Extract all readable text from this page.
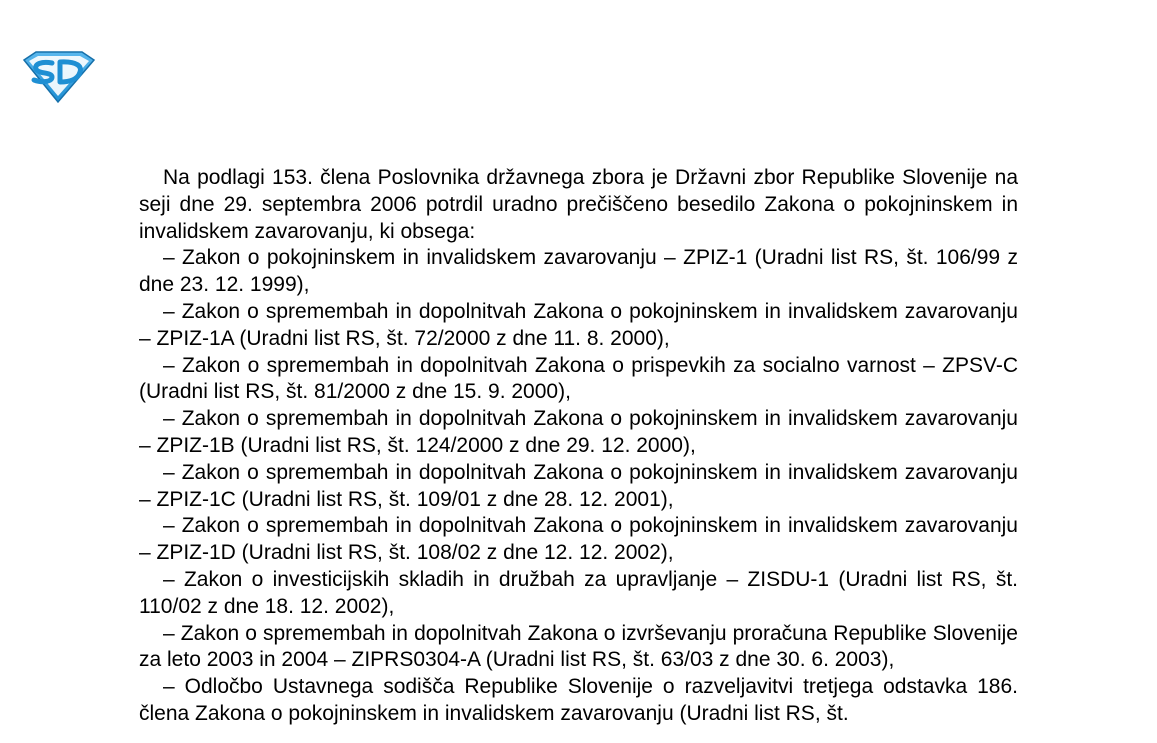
Na podlagi 153. člena Poslovnika državnega zbora je Državni zbor Republike Slovenije na seji dne 29. septembra 2006 potrdil uradno prečiščeno besedilo Zakona o pokojninskem in invalidskem zavarovanju, ki obsega:

– Zakon o pokojninskem in invalidskem zavarovanju – ZPIZ-1 (Uradni list RS, št. 106/99 z dne 23. 12. 1999),

– Zakon o spremembah in dopolnitvah Zakona o pokojninskem in invalidskem zavarovanju – ZPIZ-1A (Uradni list RS, št. 72/2000 z dne 11. 8. 2000),

– Zakon o spremembah in dopolnitvah Zakona o prispevkih za socialno varnost – ZPSV-C (Uradni list RS, št. 81/2000 z dne 15. 9. 2000),

– Zakon o spremembah in dopolnitvah Zakona o pokojninskem in invalidskem zavarovanju – ZPIZ-1B (Uradni list RS, št. 124/2000 z dne 29. 12. 2000),

– Zakon o spremembah in dopolnitvah Zakona o pokojninskem in invalidskem zavarovanju – ZPIZ-1C (Uradni list RS, št. 109/01 z dne 28. 12. 2001),

– Zakon o spremembah in dopolnitvah Zakona o pokojninskem in invalidskem zavarovanju – ZPIZ-1D (Uradni list RS, št. 108/02 z dne 12. 12. 2002),

– Zakon o investicijskih skladih in družbah za upravljanje – ZISDU-1 (Uradni list RS, št. 110/02 z dne 18. 12. 2002),

– Zakon o spremembah in dopolnitvah Zakona o izvrševanju proračuna Republike Slovenije za leto 2003 in 2004 – ZIPRS0304-A (Uradni list RS, št. 63/03 z dne 30. 6. 2003),

– Odločbo Ustavnega sodišča Republike Slovenije o razveljavitvi tretjega odstavka 186. člena Zakona o pokojninskem in invalidskem zavarovanju (Uradni list RS, št.
